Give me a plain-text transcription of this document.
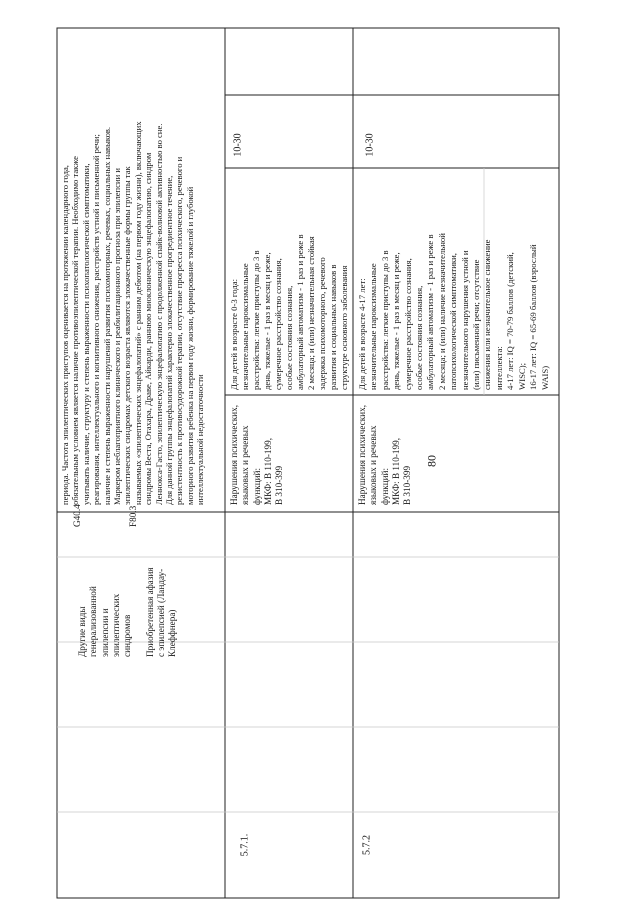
80
Другие виды
генерализованной
эпилепсии и
эпилептических
синдромов

Приобретенная афазия
с эпилепсией (Ландау-
Клеффнера)
G40.4

F80.3
периода. Частота эпилептических приступов оценивается на протяжении календарного года,
обязательным условием является наличие противоэпилептической терапии. Необходимо также
учитывать наличие, структуру и степень выраженности психопатологической симптоматики,
реагирования, интеллектуального и когнитивного снижения, расстройств устной и письменной речи;
наличие и степень выраженности нарушений развития психомоторных, речевых, социальных навыков.
Маркером неблагоприятного клинического и реабилитационного прогноза при эпилепсии и
эпилептических синдромах детского возраста являются злокачественные формы группы так
называемых «эпилептических энцефалопатий» с ранним дебютом (на первом году жизни), включающих
синдромы Веста, Отахара, Драве, Айкарди, раннюю миоклоническую энцефалопатию, синдром
Леннокса-Гасто, эпилептическую энцефалопатию с продолженной спайк-волновой активностью во сне.
Для данной группы энцефалопатий характерно злокачественное прогредиентное течение,
резистентность к противосудорожной терапии, отсутствие прогресса психического, речевого и
моторного развития ребенка на первом году жизни, формирование тяжелой и глубокой
интеллектуальной недостаточности
5.7.1.
Нарушения психических,
языковых и речевых
функций:
МКФ: В 110-199,
В 310-399
Для детей в возрасте 0-3 года:
незначительные пароксизмальные
расстройства: легкие приступы до 3 в
день, тяжелые - 1 раз в месяц и реже,
сумеречное расстройство сознания,
особые состояния сознания,
амбулаторный автоматизм - 1 раз и реже в
2 месяца; и (или) незначительная стойкая
задержка психомоторного, речевого
развития и социальных навыков в
структуре основного заболевания
10-30
5.7.2
Нарушения психических,
языковых и речевых
функций:
МКФ: В 110-199,
В 310-399
Для детей в возрасте 4-17 лет:
незначительные пароксизмальные
расстройства: легкие приступы до 3 в
день, тяжелые - 1 раз в месяц и реже,
сумеречное расстройство сознания,
особые состояния сознания,
амбулаторный автоматизм - 1 раз и реже в
2 месяца; и (или) наличие незначительной
патопсихологической симптоматики,
незначительного нарушения устной и
(или) письменной речи; отсутствие
снижения или незначительное снижение
интеллекта:
4-17 лет: IQ = 70-79 баллов (детский,
WISC);
16-17 лет: IQ = 65-69 баллов (взрослый
WAIS)
10-30
